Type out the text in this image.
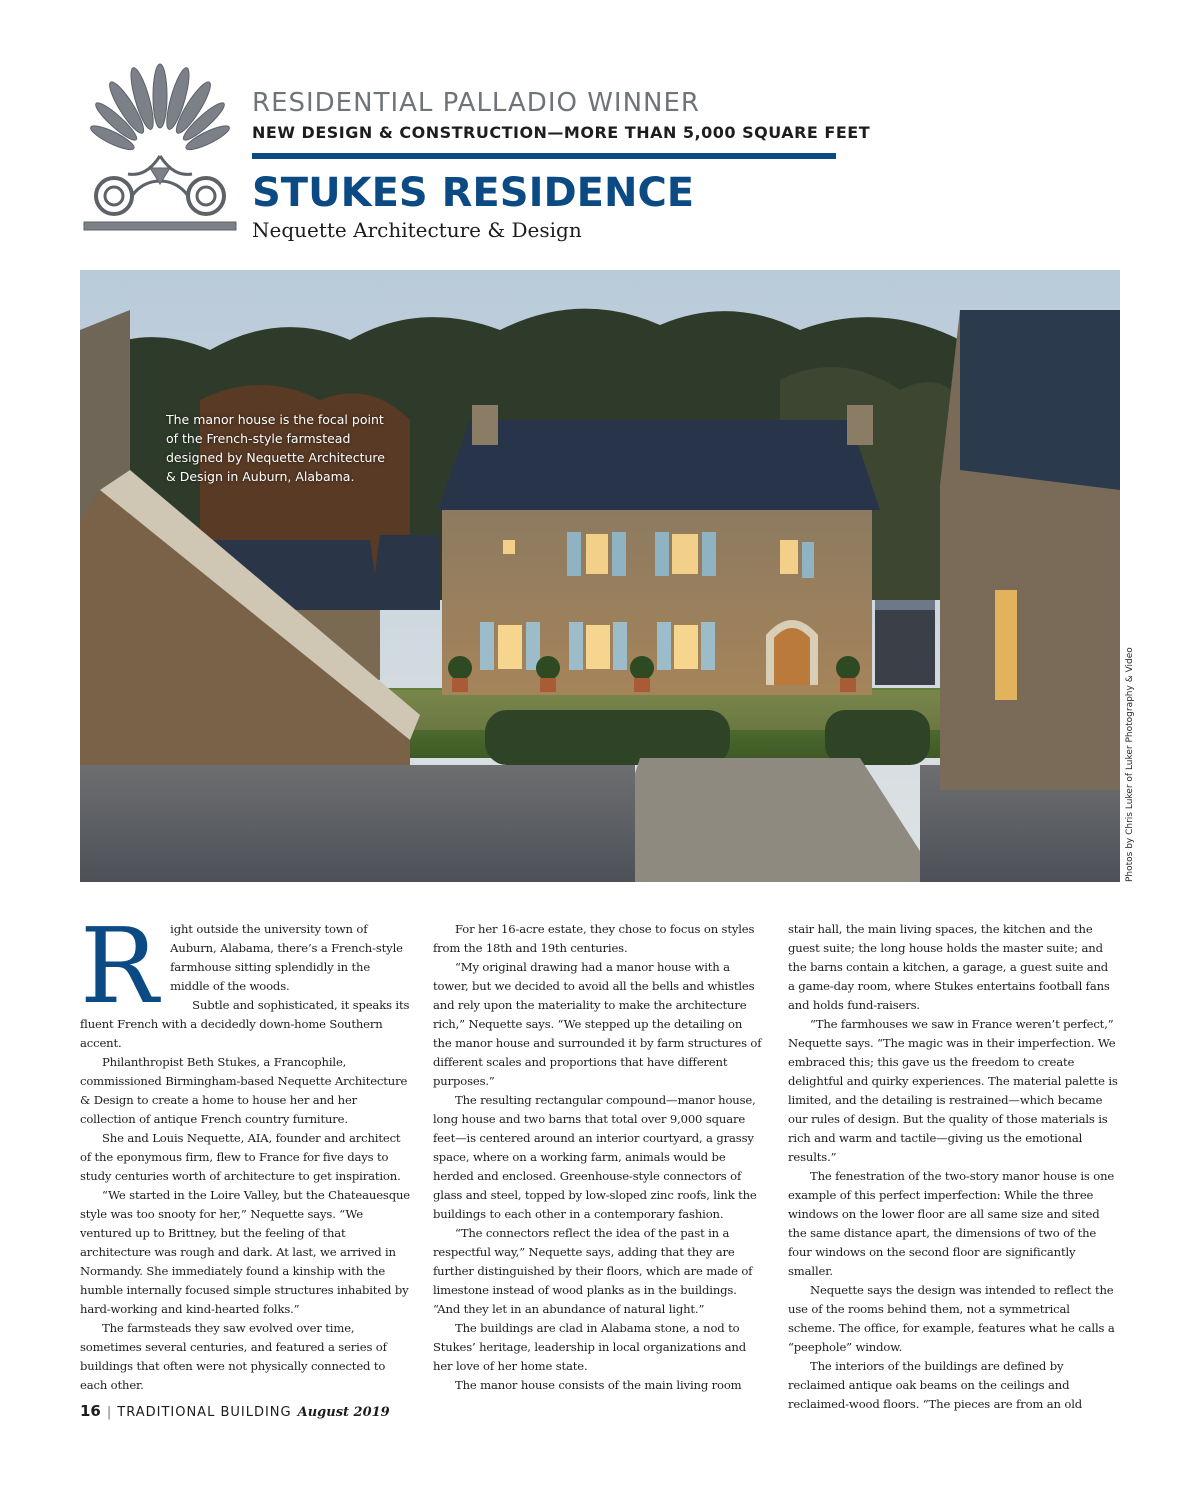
RESIDENTIAL PALLADIO WINNER

NEW DESIGN & CONSTRUCTION—MORE THAN 5,000 SQUARE FEET

STUKES RESIDENCE

Nequette Architecture & Design

The manor house is the focal point of the French-style farmstead designed by Nequette Architecture & Design in Auburn, Alabama.
Photos by Chris Luker of Luker Photography & Video
R	ight outside the university town of Auburn, Alabama, there’s a French-style farmhouse sitting splendidly in the middle of the woods.

Subtle and sophisticated, it speaks its fluent French with a decidedly down-home Southern accent.

Philanthropist Beth Stukes, a Francophile, commissioned Birmingham-based Nequette Architecture & Design to create a home to house her and her collection of antique French country furniture.

She and Louis Nequette, AIA, founder and architect of the eponymous firm, flew to France for five days to study centuries worth of architecture to get inspiration.

“We started in the Loire Valley, but the Chateauesque style was too snooty for her,” Nequette says. “We ventured up to Brittney, but the feeling of that architecture was rough and dark. At last, we arrived in Normandy. She immediately found a kinship with the humble internally focused simple structures inhabited by hard-working and kind-hearted folks.”

The farmsteads they saw evolved over time, sometimes several centuries, and featured a series of buildings that often were not physically connected to each other.

For her 16-acre estate, they chose to focus on styles from the 18th and 19th centuries.

“My original drawing had a manor house with a tower, but we decided to avoid all the bells and whistles and rely upon the materiality to make the architecture rich,” Nequette says. “We stepped up the detailing on the manor house and surrounded it by farm structures of different scales and proportions that have different purposes.”

The resulting rectangular compound—manor house, long house and two barns that total over 9,000 square feet—is centered around an interior courtyard, a grassy space, where on a working farm, animals would be herded and enclosed. Greenhouse-style connectors of glass and steel, topped by low-sloped zinc roofs, link the buildings to each other in a contemporary fashion.

“The connectors reflect the idea of the past in a respectful way,” Nequette says, adding that they are further distinguished by their floors, which are made of limestone instead of wood planks as in the buildings. “And they let in an abundance of natural light.”

The buildings are clad in Alabama stone, a nod to Stukes’ heritage, leadership in local organizations and her love of her home state.

The manor house consists of the main living room

stair hall, the main living spaces, the kitchen and the guest suite; the long house holds the master suite; and the barns contain a kitchen, a garage, a guest suite and a game-day room, where Stukes entertains football fans and holds fund-raisers.

“The farmhouses we saw in France weren’t perfect,” Nequette says. “The magic was in their imperfection. We embraced this; this gave us the freedom to create delightful and quirky experiences. The material palette is limited, and the detailing is restrained—which became our rules of design. But the quality of those materials is rich and warm and tactile—giving us the emotional results.”

The fenestration of the two-story manor house is one example of this perfect imperfection: While the three windows on the lower floor are all same size and sited the same distance apart, the dimensions of two of the four windows on the second floor are significantly smaller.

Nequette says the design was intended to reflect the use of the rooms behind them, not a symmetrical scheme. The office, for example, features what he calls a “peephole” window.

The interiors of the buildings are defined by reclaimed antique oak beams on the ceilings and reclaimed-wood floors. “The pieces are from an old

16 | TRADITIONAL BUILDING August 2019
